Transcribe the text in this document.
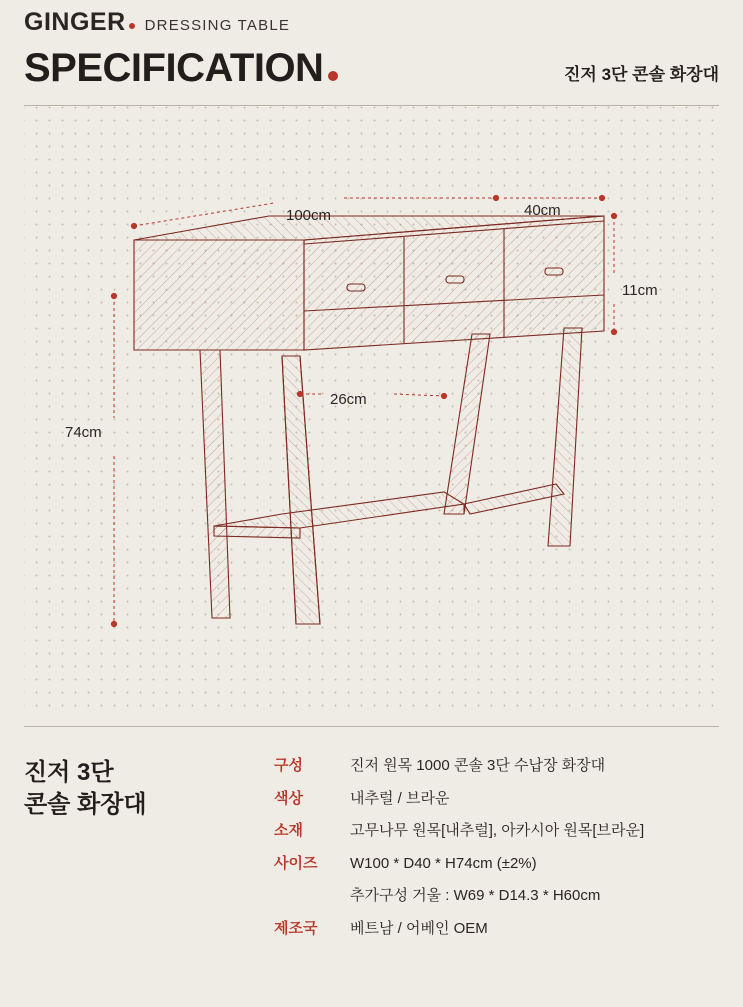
GINGER DRESSING TABLE
SPECIFICATION	진저 3단 콘솔 화장대
100cm	40cm
11cm
26cm
74cm
진저 3단
콘솔 화장대
구성	진저 원목 1000 콘솔 3단 수납장 화장대
색상	내추럴 / 브라운
소재	고무나무 원목[내추럴], 아카시아 원목[브라운]
사이즈	W100 * D40 * H74cm (±2%)
추가구성 거울 : W69 * D14.3 * H60cm
제조국	베트남 / 어베인 OEM
